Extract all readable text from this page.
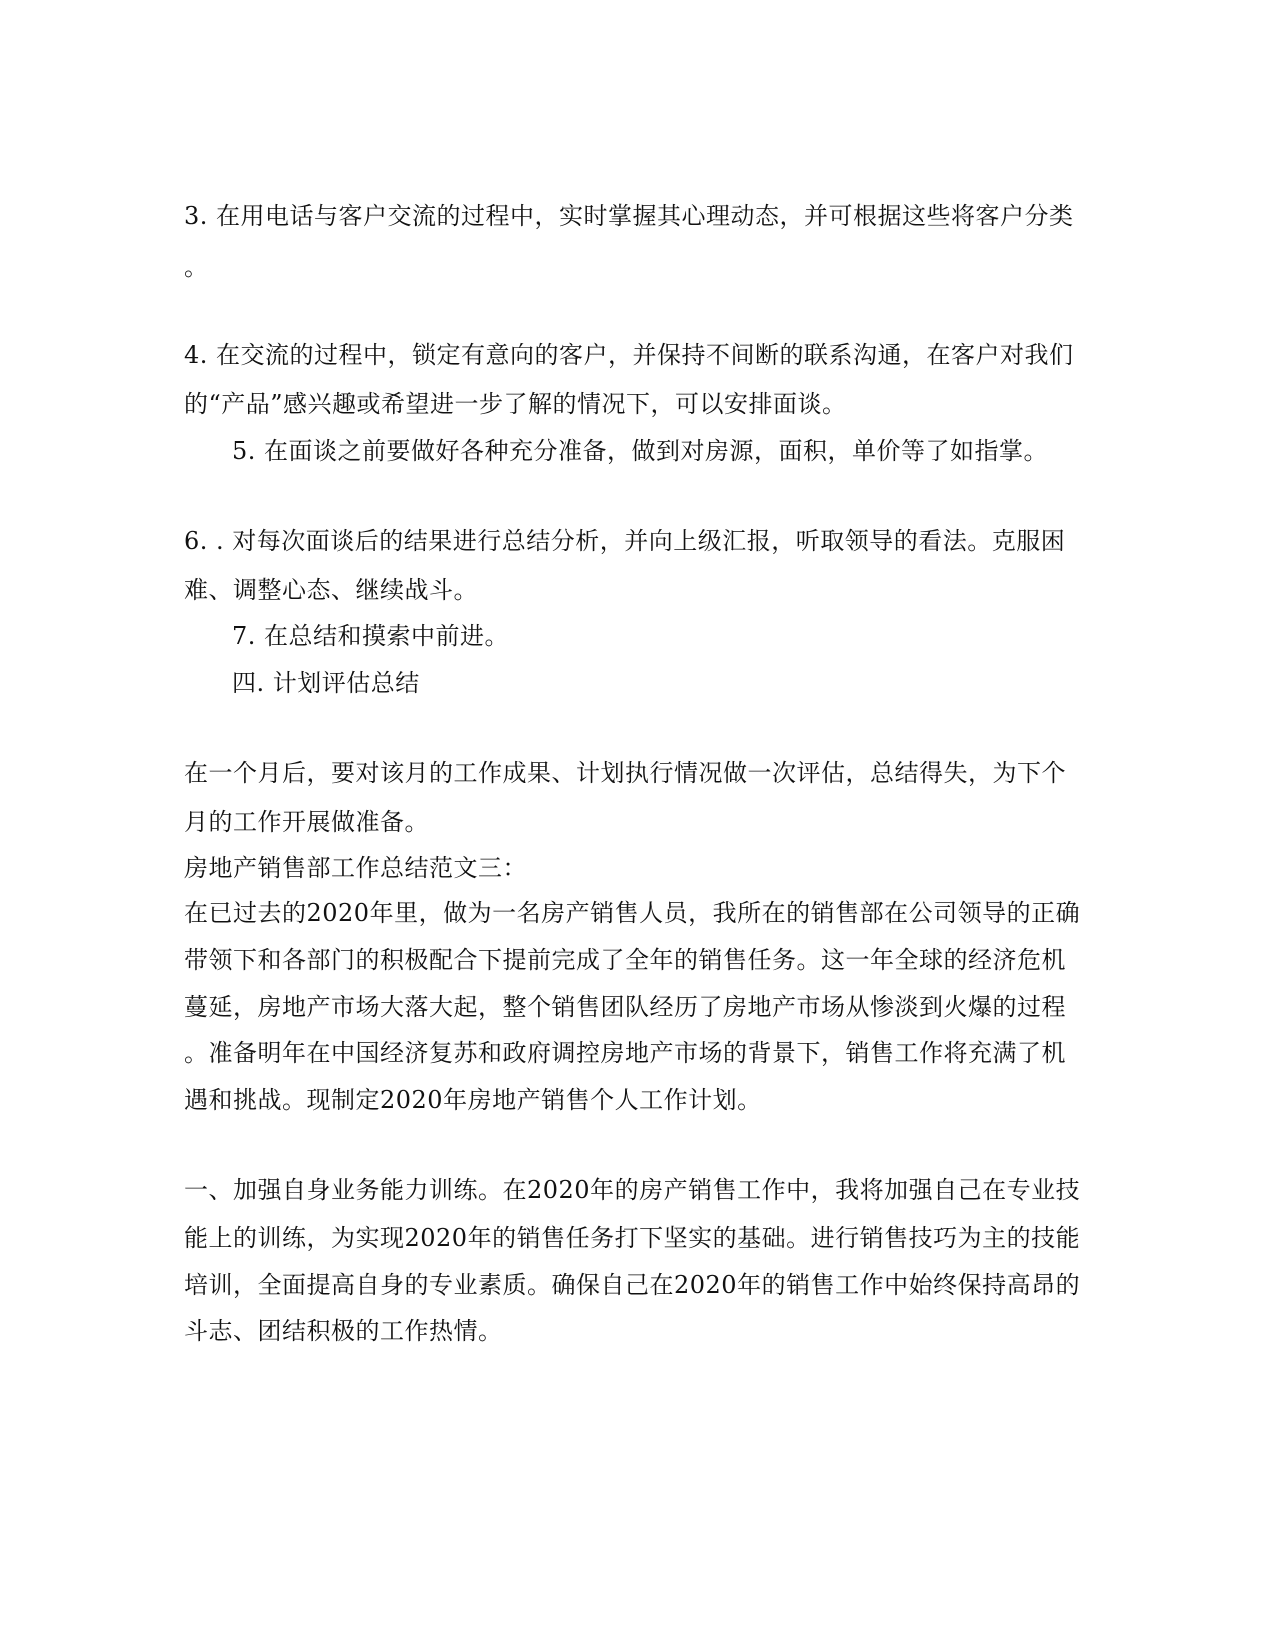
3. 在用电话与客户交流的过程中，实时掌握其心理动态，并可根据这些将客户分类
。
4. 在交流的过程中，锁定有意向的客户，并保持不间断的联系沟通，在客户对我们
的“产品”感兴趣或希望进一步了解的情况下，可以安排面谈。
5. 在面谈之前要做好各种充分准备，做到对房源，面积，单价等了如指掌。
6. . 对每次面谈后的结果进行总结分析，并向上级汇报，听取领导的看法。克服困
难、调整心态、继续战斗。
7. 在总结和摸索中前进。
四. 计划评估总结
在一个月后，要对该月的工作成果、计划执行情况做一次评估，总结得失，为下个
月的工作开展做准备。
房地产销售部工作总结范文三：
在已过去的2020年里，做为一名房产销售人员，我所在的销售部在公司领导的正确
带领下和各部门的积极配合下提前完成了全年的销售任务。这一年全球的经济危机
蔓延，房地产市场大落大起，整个销售团队经历了房地产市场从惨淡到火爆的过程
。准备明年在中国经济复苏和政府调控房地产市场的背景下，销售工作将充满了机
遇和挑战。现制定2020年房地产销售个人工作计划。
一、加强自身业务能力训练。在2020年的房产销售工作中，我将加强自己在专业技
能上的训练，为实现2020年的销售任务打下坚实的基础。进行销售技巧为主的技能
培训，全面提高自身的专业素质。确保自己在2020年的销售工作中始终保持高昂的
斗志、团结积极的工作热情。
